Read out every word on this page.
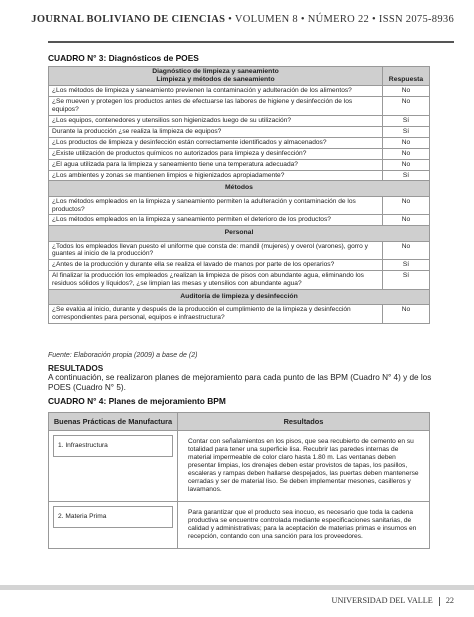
JOURNAL BOLIVIANO DE CIENCIAS • VOLUMEN 8 • NÚMERO 22 • ISSN 2075-8936
CUADRO N° 3: Diagnósticos de POES
Diagnóstico de limpieza y saneamiento
Limpieza y métodos de saneamiento	Respuesta
¿Los métodos de limpieza y saneamiento previenen la contaminación y adulteración de los alimentos?	No
¿Se mueven y protegen los productos antes de efectuarse las labores de higiene y desinfección de los equipos?	No
¿Los equipos, contenedores y utensilios son higienizados luego de su utilización?	Sí
Durante la producción ¿se realiza la limpieza de equipos?	Sí
¿Los productos de limpieza y desinfección están correctamente identificados y almacenados?	No
¿Existe utilización de productos químicos no autorizados para limpieza y desinfección?	No
¿El agua utilizada para la limpieza y saneamiento tiene una temperatura adecuada?	No
¿Los ambientes y zonas se mantienen limpios e higienizados apropiadamente?	Sí
Métodos	
¿Los métodos empleados en la limpieza y saneamiento permiten la adulteración y contaminación de los productos?	No
¿Los métodos empleados en la limpieza y saneamiento permiten el deterioro de los productos?	No
Personal	
¿Todos los empleados llevan puesto el uniforme que consta de: mandil (mujeres) y overol (varones), gorro y guantes al inicio de la producción?	No
¿Antes de la producción y durante ella se realiza el lavado de manos por parte de los operarios?	Sí
Al finalizar la producción los empleados ¿realizan la limpieza de pisos con abundante agua, eliminando los residuos sólidos y líquidos?, ¿se limpian las mesas y utensilios con abundante agua?	Sí
Auditoría de limpieza y desinfección	
¿Se evalúa al inicio, durante y después de la producción el cumplimiento de la limpieza y desinfección correspondientes para personal, equipos e infraestructura?	No
Fuente: Elaboración propia (2009) a base de (2)
RESULTADOS
A continuación, se realizaron planes de mejoramiento para cada punto de las BPM (Cuadro N° 4) y de los POES (Cuadro N° 5).
CUADRO N° 4: Planes de mejoramiento BPM
Buenas Prácticas de Manufactura	Resultados

1. Infraestructura	Contar con señalamientos en los pisos, que sea recubierto de cemento en su totalidad para tener una superficie lisa. Recubrir las paredes internas de material impermeable de color claro hasta 1.80 m. Las ventanas deben presentar limpias, los drenajes deben estar provistos de tapas, los pasillos, escaleras y rampas deben hallarse despejados, las puertas deben mantenerse cerradas y ser de material liso. Se deben implementar mesones, casilleros y lavamanos.

2. Materia Prima	Para garantizar que el producto sea inocuo, es necesario que toda la cadena productiva se encuentre controlada mediante especificaciones sanitarias, de calidad y administrativas; para la aceptación de materias primas e insumos en recepción, contando con una sanción para los proveedores.
UNIVERSIDAD DEL VALLE 22
